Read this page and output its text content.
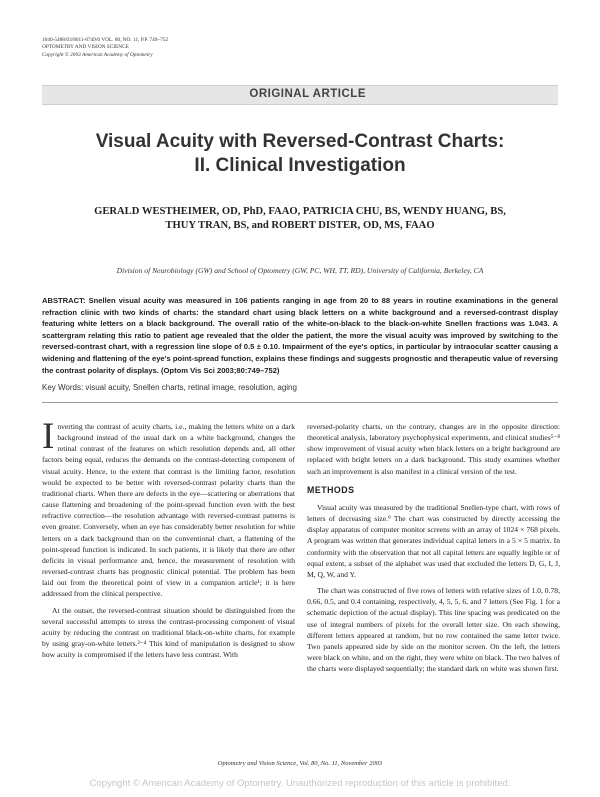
1040-5488/03/8011-0749/0 VOL. 80, NO. 11, P.P. 749–752
OPTOMETRY AND VISION SCIENCE
Copyright © 2003 American Academy of Optometry
ORIGINAL ARTICLE
Visual Acuity with Reversed-Contrast Charts:
II. Clinical Investigation
GERALD WESTHEIMER, OD, PhD, FAAO, PATRICIA CHU, BS, WENDY HUANG, BS,
THUY TRAN, BS, and ROBERT DISTER, OD, MS, FAAO
Division of Neurobiology (GW) and School of Optometry (GW, PC, WH, TT, RD), University of California, Berkeley, CA
ABSTRACT: Snellen visual acuity was measured in 106 patients ranging in age from 20 to 88 years in routine examinations in the general refraction clinic with two kinds of charts: the standard chart using black letters on a white background and a reversed-contrast display featuring white letters on a black background. The overall ratio of the white-on-black to the black-on-white Snellen fractions was 1.043. A scattergram relating this ratio to patient age revealed that the older the patient, the more the visual acuity was improved by switching to the reversed-contrast chart, with a regression line slope of 0.5 ± 0.10. Impairment of the eye's optics, in particular by intraocular scatter causing a widening and flattening of the eye's point-spread function, explains these findings and suggests prognostic and therapeutic value of reversing the contrast polarity of displays. (Optom Vis Sci 2003;80:749–752)
Key Words: visual acuity, Snellen charts, retinal image, resolution, aging

Inverting the contrast of acuity charts, i.e., making the letters white on a dark background instead of the usual dark on a white background, changes the retinal contrast of the features on which resolution depends and, all other factors being equal, reduces the demands on the contrast-detecting component of visual acuity. Hence, to the extent that contrast is the limiting factor, resolution would be expected to be better with reversed-contrast polarity charts than the traditional charts. When there are defects in the eye—scattering or aberrations that cause flattening and broadening of the point-spread function even with the best refractive correction—the resolution advantage with reversed-contrast patterns is even greater. Conversely, when an eye has considerably better resolution for white letters on a dark background than on the conventional chart, a flattening of the point-spread function is indicated. In such patients, it is likely that there are other deficits in visual performance and, hence, the measurement of resolution with reversed-contrast charts has prognostic clinical potential. The problem has been laid out from the theoretical point of view in a companion article¹; it is here addressed from the clinical perspective.

At the outset, the reversed-contrast situation should be distinguished from the several successful attempts to stress the contrast-processing component of visual acuity by reducing the contrast on traditional black-on-white charts, for example by using gray-on-white letters.²⁻⁴ This kind of manipulation is designed to show how acuity is compromised if the letters have less contrast. With

reversed-polarity charts, on the contrary, changes are in the opposite direction: theoretical analysis, laboratory psychophysical experiments, and clinical studies⁵⁻⁸ show improvement of visual acuity when black letters on a bright background are replaced with bright letters on a dark background. This study examines whether such an improvement is also manifest in a clinical version of the test.

METHODS

Visual acuity was measured by the traditional Snellen-type chart, with rows of letters of decreasing size.⁹ The chart was constructed by directly accessing the display apparatus of computer monitor screens with an array of 1024 × 768 pixels. A program was written that generates individual capital letters in a 5 × 5 matrix. In conformity with the observation that not all capital letters are equally legible or of equal extent, a subset of the alphabet was used that excluded the letters D, G, I, J, M, Q, W, and Y.

The chart was constructed of five rows of letters with relative sizes of 1.0, 0.78, 0.66, 0.5, and 0.4 containing, respectively, 4, 5, 5, 6, and 7 letters (See Fig. 1 for a schematic depiction of the actual display). This line spacing was predicated on the use of integral numbers of pixels for the overall letter size. On each showing, different letters appeared at random, but no row contained the same letter twice. Two panels appeared side by side on the monitor screen. On the left, the letters were black on white, and on the right, they were white on black. The two halves of the charts were displayed sequentially; the standard dark on white was shown first.

Optometry and Vision Science, Vol. 80, No. 11, November 2003
Copyright © American Academy of Optometry. Unauthorized reproduction of this article is prohibited.
